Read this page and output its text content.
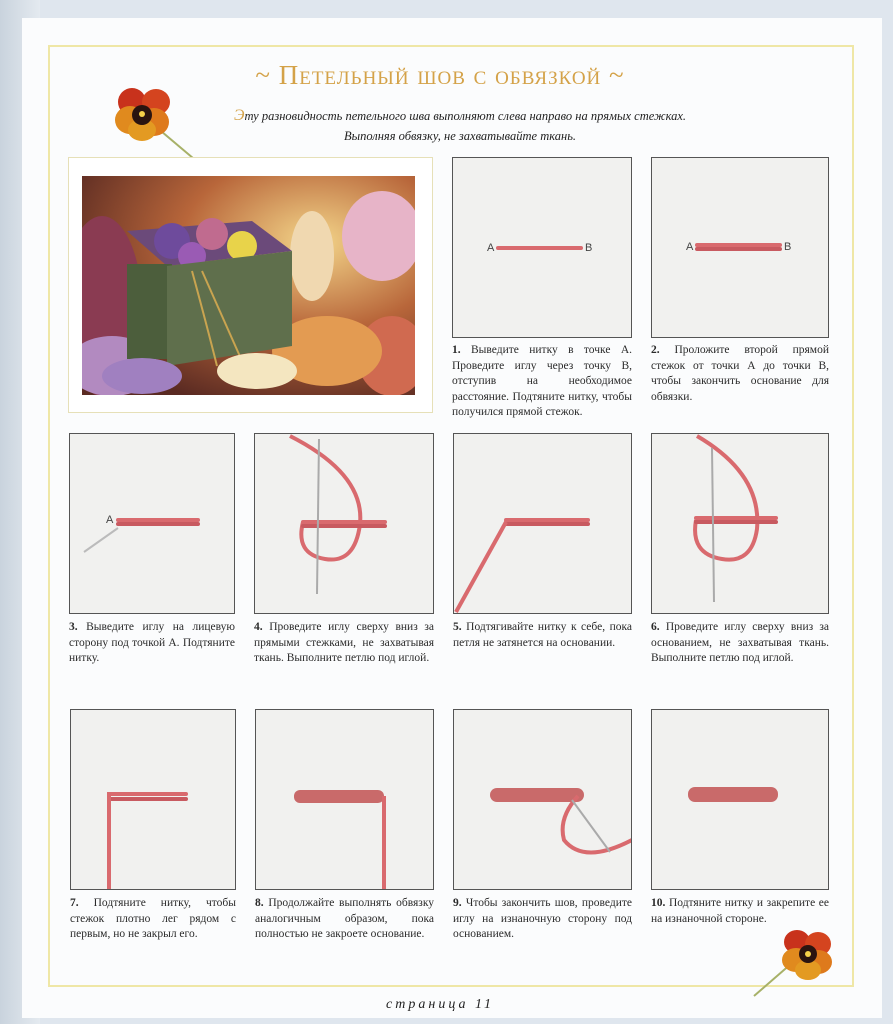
~ Петельный шов с обвязкой ~
Эту разновидность петельного шва выполняют слева направо на прямых стежках.
Выполняя обвязку, не захватывайте ткань.
A	B
1. Выведите нитку в точке А. Проведите иглу через точку В, отступив на необходимое расстояние. Подтяните нитку, чтобы получился прямой стежок.
A	B
2. Проложите второй прямой стежок от точки А до точки В, чтобы закончить основание для обвязки.
A
3. Выведите иглу на лицевую сторону под точкой А. Подтяните нитку.
4. Проведите иглу сверху вниз за прямыми стежками, не захватывая ткань. Выполните петлю под иглой.
5. Подтягивайте нитку к себе, пока петля не затянется на основании.
6. Проведите иглу сверху вниз за основанием, не захватывая ткань. Выполните петлю под иглой.
7. Подтяните нитку, чтобы стежок плотно лег рядом с первым, но не закрыл его.
8. Продолжайте выполнять обвязку аналогичным образом, пока полностью не закроете основание.
9. Чтобы закончить шов, проведите иглу на изнаночную сторону под основанием.
10. Подтяните нитку и закрепите ее на изнаночной стороне.
страница 11
